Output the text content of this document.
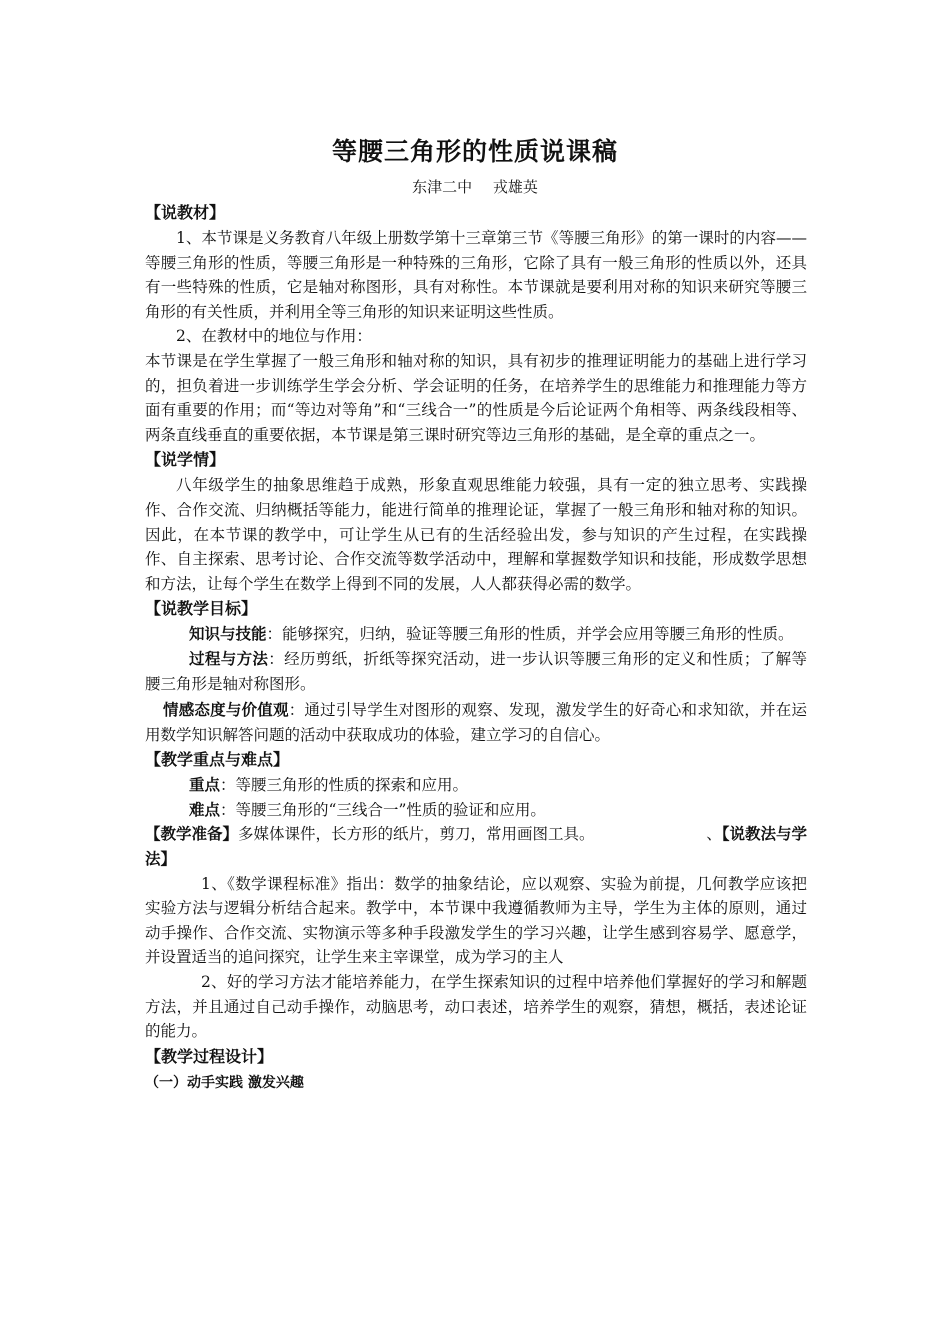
等腰三角形的性质说课稿
东津二中 戎雄英

【说教材】

1、本节课是义务教育八年级上册数学第十三章第三节《等腰三角形》的第一课时的内容——等腰三角形的性质，等腰三角形是一种特殊的三角形，它除了具有一般三角形的性质以外，还具有一些特殊的性质，它是轴对称图形，具有对称性。本节课就是要利用对称的知识来研究等腰三角形的有关性质，并利用全等三角形的知识来证明这些性质。

2、在教材中的地位与作用：

本节课是在学生掌握了一般三角形和轴对称的知识，具有初步的推理证明能力的基础上进行学习的，担负着进一步训练学生学会分析、学会证明的任务，在培养学生的思维能力和推理能力等方面有重要的作用；而“等边对等角”和“三线合一”的性质是今后论证两个角相等、两条线段相等、两条直线垂直的重要依据，本节课是第三课时研究等边三角形的基础，是全章的重点之一。

【说学情】

八年级学生的抽象思维趋于成熟，形象直观思维能力较强，具有一定的独立思考、实践操作、合作交流、归纳概括等能力，能进行简单的推理论证，掌握了一般三角形和轴对称的知识。因此，在本节课的教学中，可让学生从已有的生活经验出发，参与知识的产生过程，在实践操作、自主探索、思考讨论、合作交流等数学活动中，理解和掌握数学知识和技能，形成数学思想和方法，让每个学生在数学上得到不同的发展，人人都获得必需的数学。

【说教学目标】

知识与技能：能够探究，归纳，验证等腰三角形的性质，并学会应用等腰三角形的性质。

过程与方法：经历剪纸，折纸等探究活动，进一步认识等腰三角形的定义和性质；了解等腰三角形是轴对称图形。

情感态度与价值观：通过引导学生对图形的观察、发现，激发学生的好奇心和求知欲，并在运用数学知识解答问题的活动中获取成功的体验，建立学习的自信心。

【教学重点与难点】

重点：等腰三角形的性质的探索和应用。

难点：等腰三角形的“三线合一”性质的验证和应用。

【教学准备】多媒体课件，长方形的纸片，剪刀，常用画图工具。	、【说教法与学

法】

1、《数学课程标准》指出：数学的抽象结论，应以观察、实验为前提，几何教学应该把实验方法与逻辑分析结合起来。教学中，本节课中我遵循教师为主导，学生为主体的原则，通过动手操作、合作交流、实物演示等多种手段激发学生的学习兴趣，让学生感到容易学、愿意学，并设置适当的追问探究，让学生来主宰课堂，成为学习的主人

2、好的学习方法才能培养能力，在学生探索知识的过程中培养他们掌握好的学习和解题方法，并且通过自己动手操作，动脑思考，动口表述，培养学生的观察，猜想，概括，表述论证的能力。

【教学过程设计】

（一）动手实践 激发兴趣
